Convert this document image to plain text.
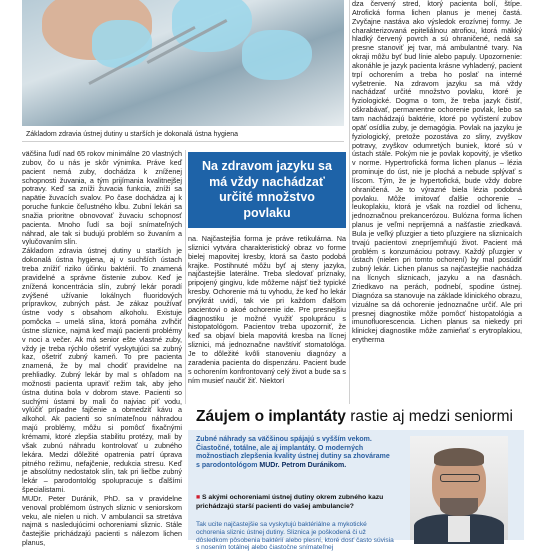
Základom zdravia ústnej dutiny u starších je dokonalá ústna hygiena

väčšina ľudí nad 65 rokov minimálne 20 vlastných zubov, čo u nás je skôr výnimka. Práve keď pacient nemá zuby, dochádza k zníženej schopnosti žuvania, a tým prijímania kvalitnejšej potravy. Keď sa zníži žuvacia funkcia, zníži sa napätie žuvacích svalov. Po čase dochádza aj k poruche funkcie čeľustného kĺbu. Zubní lekári sa snažia prioritne obnovovať žuvaciu schopnosť pacienta. Mnoho ľudí sa bojí snímateľných náhrad, ale tak si budujú problém so žuvaním a vylučovaním slín.

Základom zdravia ústnej dutiny u starších je dokonalá ústna hygiena, aj v suchších ústach treba znížiť riziko účinku baktérií. To znamená pravidelné a správne čistenie zubov. Keď je znížená koncentrácia slín, zubný lekár poradí zvýšené užívanie lokálnych fluoridových prípravkov, zubných pást. Je zákaz používať ústne vody s obsahom alkoholu. Existuje pomôcka – umelá slina, ktorá pomáha zvlhčiť ústne sliznice, najmä keď majú pacienti problémy v noci a večer. Ak má senior ešte vlastné zuby, vždy je treba rýchlo ošetriť vyskytujúci sa zubný kaz, ošetriť zubný kameň. To pre pacienta znamená, že by mal chodiť pravidelne na prehliadky. Zubný lekár by mal s ohľadom na možnosti pacienta upraviť režim tak, aby jeho ústna dutina bola v dobrom stave. Pacienti so suchými ústami by mali čo najviac piť vodu, vylúčiť prípadne fajčenie a obmedziť kávu a alkohol. Ak pacienti so snímateľnou náhradou majú problémy, môžu si pomôcť fixačnými krémami, ktoré zlepšia stabilitu protézy, mali by však zubnú náhradu kontrolovať u zubného lekára. Medzi dôležité opatrenia patrí úprava pitného režimu, nefajčenie, redukcia stresu. Keď je absolútny nedostatok slín, tak pri liečbe zubný lekár – parodontológ spolupracuje s ďalšími špecialistami.

MUDr. Peter Duránik, PhD. sa v pravidelne venoval problémom ústnych sliznic v seniorskom veku, ale nielen u nich. V ambulancii sa stretáva najmä s nasledujúcimi ochoreniami sliznic. Stále častejšie prichádzajú pacienti s nálezom lichen planus,

Na zdravom jazyku sa má vždy nachádzať určité množstvo povlaku

na. Najčastejšia forma je práve retikulárna. Na sliznici vytvára charakteristický obraz vo forme bielej mapovitej kresby, ktorá sa často podobá krajke. Postihnuté môžu byť aj steny jazyka, najčastejšie laterálne. Treba sledovať príznaky, pripojený gingivu, kde môžeme nájsť tiež typické kresby. Ochorenie má tu vyhodu, že keď ho lekár prvýkrát uvidí, tak vie pri každom ďalšom pacientovi o akoé ochorenie ide. Pre presnejšiu diagnostiku je možné využiť spoluprácu s histopatológom. Pacientov treba upozorniť, že keď sa objaví biela mapovitá kresba na lícnej sliznici, má jednoznačne navštíviť stomatológa. Je to dôležité kvôli stanoveniu diagnózy a zaradenia pacienta do dispenzáru. Pacient bude s ochorením konfrontovaný celý život a bude sa s ním musieť naučiť žiť. Niektorí

dza červený stred, ktorý pacienta bolí, štípe. Atrofická forma lichen planus je menej častá. Zvyčajne nastáva ako výsledok erozívnej formy. Je charakterizovaná epiteliálnou atrofiou, ktorá mäkký hladký červený povrch a sú ohraničené, nedá sa presne stanoviť jej tvar, má ambulantné tvary. Na okraji môžu byť bud línie alebo papuly. Upozornenie: akonáhle je jazyk pacienta krásne vyhladený, pacient trpí ochorením a treba ho poslať na interné vyšetrenie. Na zdravom jazyku sa má vždy nachádzať určité množstvo povlaku, ktoré je fyziologické. Dogma o tom, že treba jazyk čistiť, oškrabávať, permanentne ochorenie povlak, lebo sa tam nachádzajú baktérie, ktoré po vyčistení zubov opäť osídlia zuby, je demagógia. Povlak na jazyku je fyziologický, pretože pozostáva zo sliny, zvyškov potravy, zvyškov odumretých buniek, ktoré sú v ústach stále. Pokým nie je povlak kopovitý, je všetko v norme. Hypertrofická forma lichen planus – lézia prominuje do úst, nie je plochá a nebude splývať s líscom. Tým, že je hypertofická, bude vždy dobre ohraničená. Je to výrazné biela lézia podobná povlaku. Môže imitovať ďalšie ochorenie – leukoplakiu, ktorá je však na rozdiel od lichenu, jednoznačnou prekancerózou. Bulózna forma lichen planus je veľmi neprijemná a našťastie zriedkavá. Bula je veľký pľuzgier a tieto pľuzgiere na sliznicaích trvajú pacientovi znepríjemňujú život. Pacient má problém s konzumáciou potravy. Každý pľuzgier v ústach (nielen pri tomto ochorení) by mal posúdiť zubný lekár. Lichen planus sa najčastejšie nachádza na lícnych sliznicach, jazyku a na ďasnách. Zriedkavo na perách, podnebí, spodine ústnej. Diagnóza sa stanovuje na základe klinického obrazu, vizuálne sa dá ochorenie jednoznačne určiť. Ale pri presnej diagnostike môže pomôcť histopatológia a imunofluorescencia. Lichen planus sa niekedy pri klinickej diagnostike môže zamieňať s erytroplakiou, erytherma

Záujem o implantáty rastie aj medzi seniormi
Zubné náhrady sa väčšinou spájajú s vyšším vekom. Čiastočné, totálne, ale aj implantáty. O moderných možnostiach zlepšenia kvality ústnej dutiny sa zhovárame s parodontológom MUDr. Petrom Duránikom.
■ S akými ochoreniami ústnej dutiny okrem zubného kazu prichádzajú starší pacienti do vašej ambulancie?
Tak ucite najčastejšie sa vyskytujú baktériálne a mykotické ochorenia sliznic ústnej dutiny. Sliznica je poškodená či už dôsledkom pôsobenia baktérií alebo plesní, ktoré dosť často súvisia s nosením totálnej alebo čiastočne snímateľnej
